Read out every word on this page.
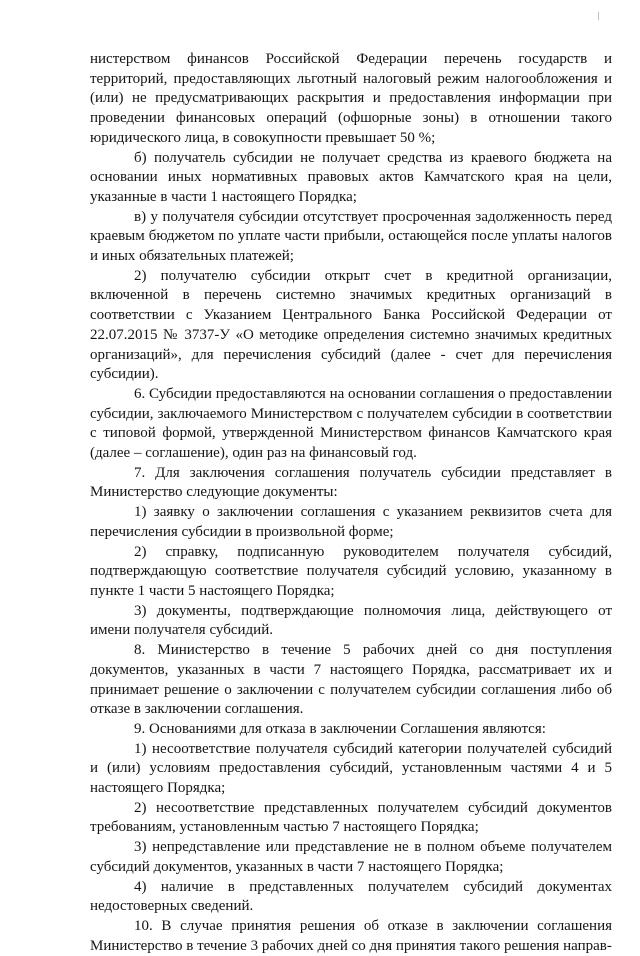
нистерством финансов Российской Федерации перечень государств и территорий, предоставляющих льготный налоговый режим налогообложения и (или) не предусматривающих раскрытия и предоставления информации при проведении финансовых операций (офшорные зоны) в отношении такого юридического лица, в совокупности превышает 50 %;

б) получатель субсидии не получает средства из краевого бюджета на основании иных нормативных правовых актов Камчатского края на цели, указанные в части 1 настоящего Порядка;

в) у получателя субсидии отсутствует просроченная задолженность перед краевым бюджетом по уплате части прибыли, остающейся после уплаты налогов и иных обязательных платежей;

2) получателю субсидии открыт счет в кредитной организации, включенной в перечень системно значимых кредитных организаций в соответствии с Указанием Центрального Банка Российской Федерации от 22.07.2015 № 3737-У «О методике определения системно значимых кредитных организаций», для перечисления субсидий (далее - счет для перечисления субсидии).

6. Субсидии предоставляются на основании соглашения о предоставлении субсидии, заключаемого Министерством с получателем субсидии в соответствии с типовой формой, утвержденной Министерством финансов Камчатского края (далее – соглашение), один раз на финансовый год.

7. Для заключения соглашения получатель субсидии представляет в Министерство следующие документы:

1) заявку о заключении соглашения с указанием реквизитов счета для перечисления субсидии в произвольной форме;

2) справку, подписанную руководителем получателя субсидий, подтверждающую соответствие получателя субсидий условию, указанному в пункте 1 части 5 настоящего Порядка;

3) документы, подтверждающие полномочия лица, действующего от имени получателя субсидий.

8. Министерство в течение 5 рабочих дней со дня поступления документов, указанных в части 7 настоящего Порядка, рассматривает их и принимает решение о заключении с получателем субсидии соглашения либо об отказе в заключении соглашения.

9. Основаниями для отказа в заключении Соглашения являются:

1) несоответствие получателя субсидий категории получателей субсидий и (или) условиям предоставления субсидий, установленным частями 4 и 5 настоящего Порядка;

2) несоответствие представленных получателем субсидий документов требованиям, установленным частью 7 настоящего Порядка;

3) непредставление или представление не в полном объеме получателем субсидий документов, указанных в части 7 настоящего Порядка;

4) наличие в представленных получателем субсидий документах недостоверных сведений.

10. В случае принятия решения об отказе в заключении соглашения Министерство в течение 3 рабочих дней со дня принятия такого решения направ-
